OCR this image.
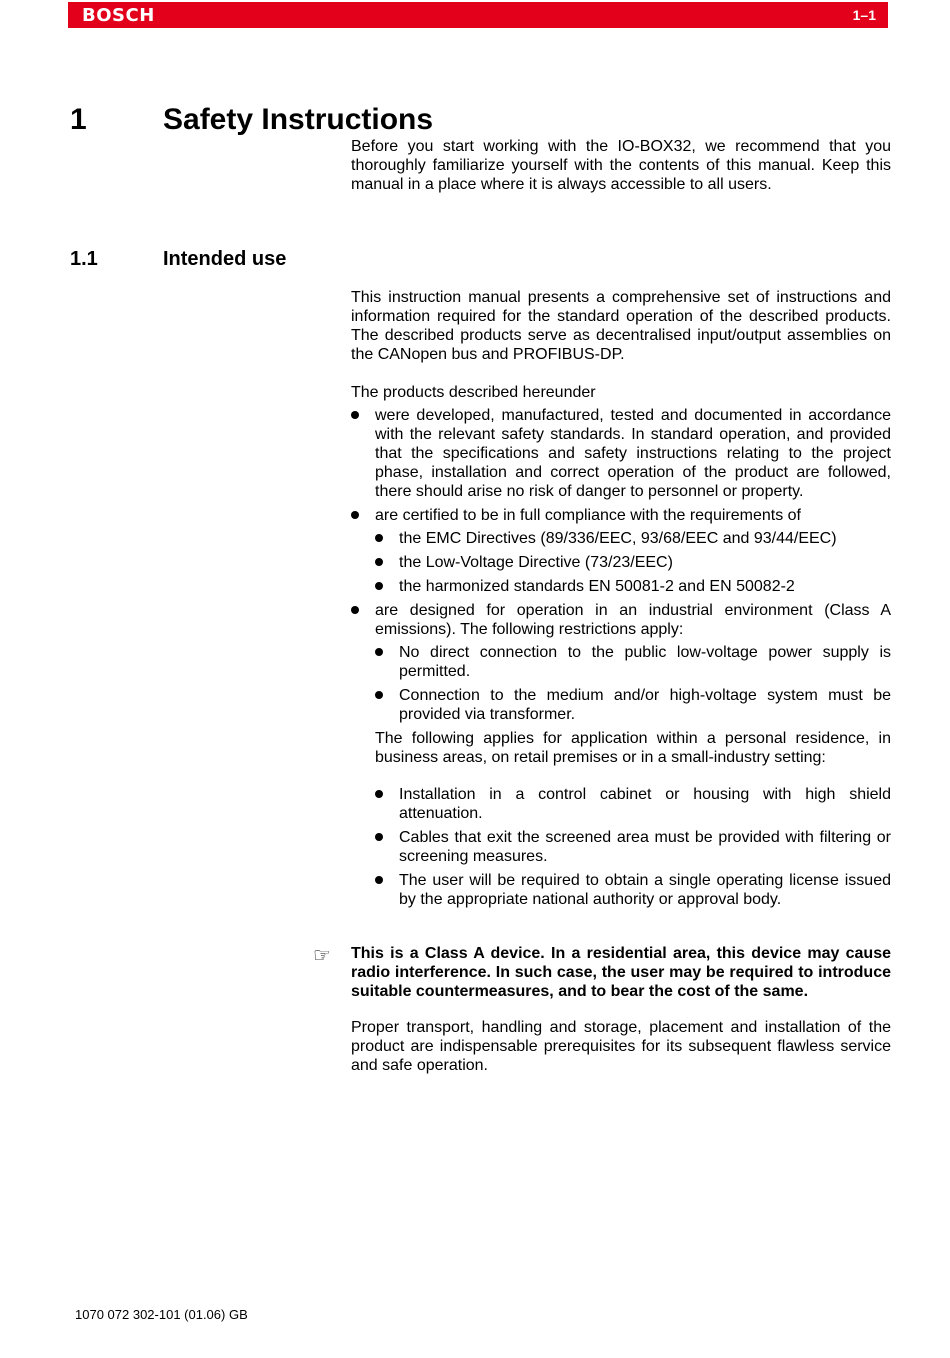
BOSCH	1–1
1	Safety Instructions

Before you start working with the IO-BOX32, we recommend that you thoroughly familiarize yourself with the contents of this manual. Keep this manual in a place where it is always accessible to all users.

1.1	Intended use

This instruction manual presents a comprehensive set of instructions and information required for the standard operation of the described products. The described products serve as decentralised input/output assemblies on the CANopen bus and PROFIBUS-DP.

The products described hereunder

were developed, manufactured, tested and documented in accordance with the relevant safety standards. In standard operation, and provided that the specifications and safety instructions relating to the project phase, installation and correct operation of the product are followed, there should arise no risk of danger to personnel or property.
are certified to be in full compliance with the requirements of
the EMC Directives (89/336/EEC, 93/68/EEC and 93/44/EEC)
the Low-Voltage Directive (73/23/EEC)
the harmonized standards EN 50081-2 and EN 50082-2
are designed for operation in an industrial environment (Class A emissions). The following restrictions apply:
No direct connection to the public low-voltage power supply is permitted.
Connection to the medium and/or high-voltage system must be provided via transformer.
The following applies for application within a personal residence, in business areas, on retail premises or in a small-industry setting:
Installation in a control cabinet or housing with high shield attenuation.
Cables that exit the screened area must be provided with filtering or screening measures.
The user will be required to obtain a single operating license issued by the appropriate national authority or approval body.
☞ This is a Class A device. In a residential area, this device may cause radio interference. In such case, the user may be required to introduce suitable countermeasures, and to bear the cost of the same.

Proper transport, handling and storage, placement and installation of the product are indispensable prerequisites for its subsequent flawless service and safe operation.

1070 072 302-101 (01.06) GB
